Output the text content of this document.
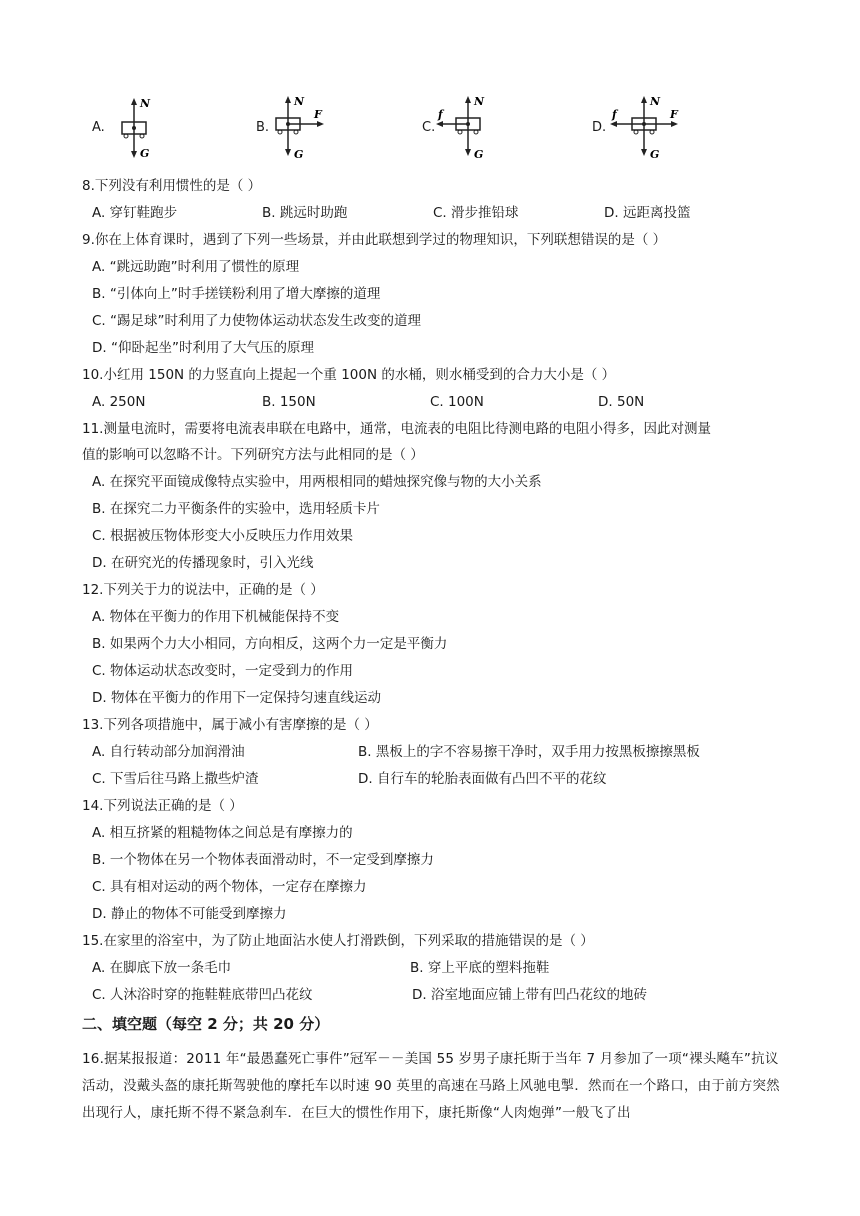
A.
N
G
B.
N
F
G
C.
f
N
G
D.
f
N
F
G
8.下列没有利用惯性的是（ ）
A. 穿钉鞋跑步	B. 跳远时助跑	C. 滑步推铅球	D. 远距离投篮
9.你在上体育课时，遇到了下列一些场景，并由此联想到学过的物理知识，下列联想错误的是（ ）
A. “跳远助跑”时利用了惯性的原理
B. “引体向上”时手搓镁粉利用了增大摩擦的道理
C. “踢足球”时利用了力使物体运动状态发生改变的道理
D. “仰卧起坐”时利用了大气压的原理
10.小红用 150N 的力竖直向上提起一个重 100N 的水桶，则水桶受到的合力大小是（ ）
A. 250N	B. 150N	C. 100N	D. 50N
11.测量电流时，需要将电流表串联在电路中，通常，电流表的电阻比待测电路的电阻小得多，因此对测量
值的影响可以忽略不计。下列研究方法与此相同的是（ ）
A. 在探究平面镜成像特点实验中，用两根相同的蜡烛探究像与物的大小关系
B. 在探究二力平衡条件的实验中，选用轻质卡片
C. 根据被压物体形变大小反映压力作用效果
D. 在研究光的传播现象时，引入光线
12.下列关于力的说法中，正确的是（ ）
A. 物体在平衡力的作用下机械能保持不变
B. 如果两个力大小相同，方向相反，这两个力一定是平衡力
C. 物体运动状态改变时，一定受到力的作用
D. 物体在平衡力的作用下一定保持匀速直线运动
13.下列各项措施中，属于减小有害摩擦的是（ ）
A. 自行转动部分加润滑油	B. 黑板上的字不容易擦干净时，双手用力按黑板擦擦黑板
C. 下雪后往马路上撒些炉渣	D. 自行车的轮胎表面做有凸凹不平的花纹
14.下列说法正确的是（ ）
A. 相互挤紧的粗糙物体之间总是有摩擦力的
B. 一个物体在另一个物体表面滑动时，不一定受到摩擦力
C. 具有相对运动的两个物体，一定存在摩擦力
D. 静止的物体不可能受到摩擦力
15.在家里的浴室中，为了防止地面沾水使人打滑跌倒，下列采取的措施错误的是（ ）
A. 在脚底下放一条毛巾	B. 穿上平底的塑料拖鞋
C. 人沐浴时穿的拖鞋鞋底带凹凸花纹	D. 浴室地面应铺上带有凹凸花纹的地砖
二、填空题（每空 2 分；共 20 分）
16.据某报报道：2011 年“最愚蠢死亡事件”冠军－－美国 55 岁男子康托斯于当年 7 月参加了一项“裸头飚车”抗议活动，没戴头盔的康托斯驾驶他的摩托车以时速 90 英里的高速在马路上风驰电掣．然而在一个路口，由于前方突然出现行人，康托斯不得不紧急刹车．在巨大的惯性作用下，康托斯像“人肉炮弹”一般飞了出
